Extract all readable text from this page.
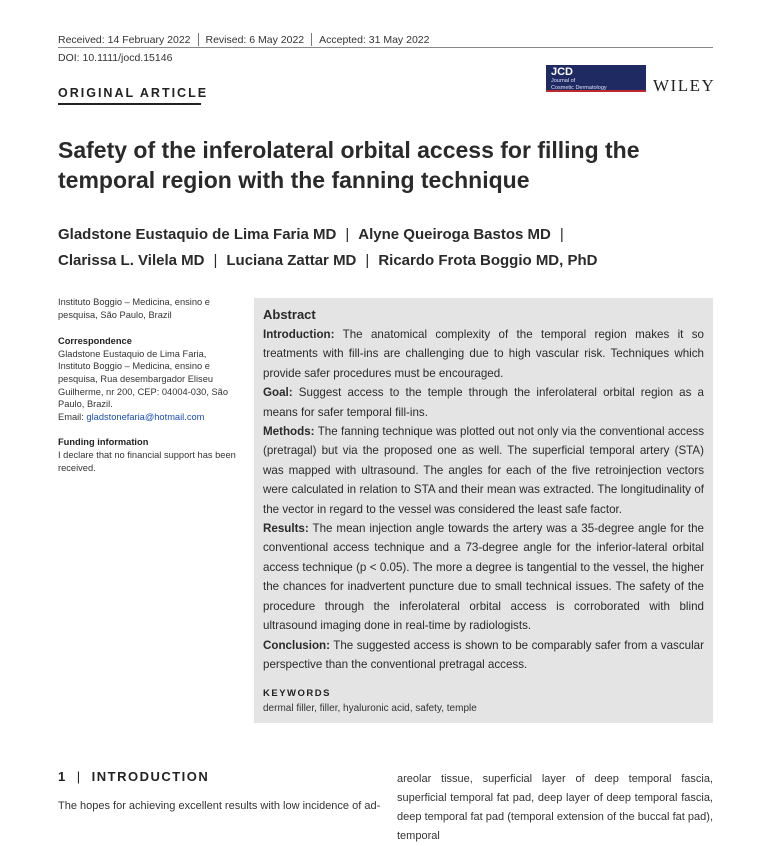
Received: 14 February 2022 Revised: 6 May 2022 Accepted: 31 May 2022
DOI: 10.1111/jocd.15146
ORIGINAL ARTICLE
JCD
Journal of
Cosmetic Dermatology	WILEY
Safety of the inferolateral orbital access for filling the temporal region with the fanning technique
Gladstone Eustaquio de Lima Faria MD | Alyne Queiroga Bastos MD |
Clarissa L. Vilela MD | Luciana Zattar MD | Ricardo Frota Boggio MD, PhD
Instituto Boggio – Medicina, ensino e pesquisa, São Paulo, Brazil
Correspondence
Gladstone Eustaquio de Lima Faria, Instituto Boggio – Medicina, ensino e pesquisa, Rua desembargador Eliseu Guilherme, nr 200, CEP: 04004-030, São Paulo, Brazil.
Email: gladstonefaria@hotmail.com
Funding information
I declare that no financial support has been received.
Abstract

Introduction: The anatomical complexity of the temporal region makes it so treatments with fill-ins are challenging due to high vascular risk. Techniques which provide safer procedures must be encouraged.

Goal: Suggest access to the temple through the inferolateral orbital region as a means for safer temporal fill-ins.

Methods: The fanning technique was plotted out not only via the conventional access (pretragal) but via the proposed one as well. The superficial temporal artery (STA) was mapped with ultrasound. The angles for each of the five retroinjection vectors were calculated in relation to STA and their mean was extracted. The longitudinality of the vector in regard to the vessel was considered the least safe factor.

Results: The mean injection angle towards the artery was a 35-degree angle for the conventional access technique and a 73-degree angle for the inferior-lateral orbital access technique (p < 0.05). The more a degree is tangential to the vessel, the higher the chances for inadvertent puncture due to small technical issues. The safety of the procedure through the inferolateral orbital access is corroborated with blind ultrasound imaging done in real-time by radiologists.

Conclusion: The suggested access is shown to be comparably safer from a vascular perspective than the conventional pretragal access.

KEYWORDS
dermal filler, filler, hyaluronic acid, safety, temple
1 | INTRODUCTION
The hopes for achieving excellent results with low incidence of ad-
areolar tissue, superficial layer of deep temporal fascia, superficial temporal fat pad, deep layer of deep temporal fascia, deep temporal fat pad (temporal extension of the buccal fat pad), temporal
